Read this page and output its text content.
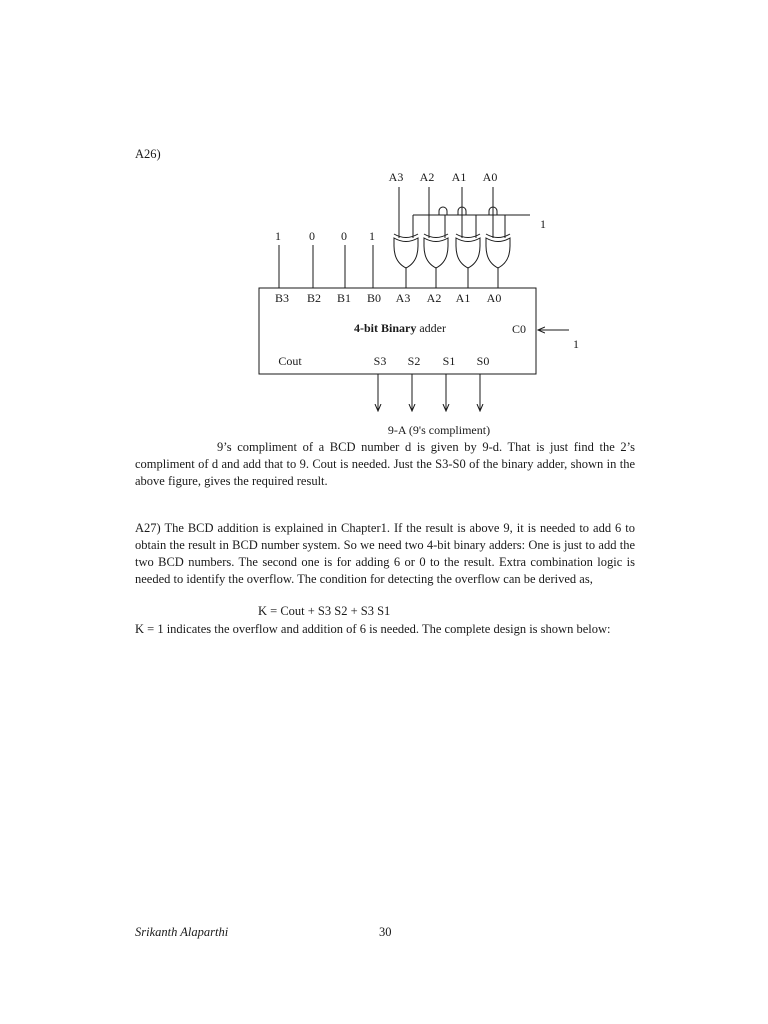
A26)
A3 A2 A1 A0
1 0 0 1
1
B3 B2 B1 B0 A3 A2 A1 A0
4-bit Binary adder	C0
1
Cout	S3 S2 S1 S0
9-A (9's compliment)

9’s compliment of a BCD number d is given by 9-d. That is just find the 2’s compliment of d and add that to 9. Cout is needed. Just the S3-S0 of the binary adder, shown in the above figure, gives the required result.

A27) The BCD addition is explained in Chapter1. If the result is above 9, it is needed to add 6 to obtain the result in BCD number system. So we need two 4-bit binary adders: One is just to add the two BCD numbers. The second one is for adding 6 or 0 to the result. Extra combination logic is needed to identify the overflow. The condition for detecting the overflow can be derived as,

K = Cout + S3 S2 + S3 S1

K = 1 indicates the overflow and addition of 6 is needed. The complete design is shown below:

Srikanth Alaparthi	30
